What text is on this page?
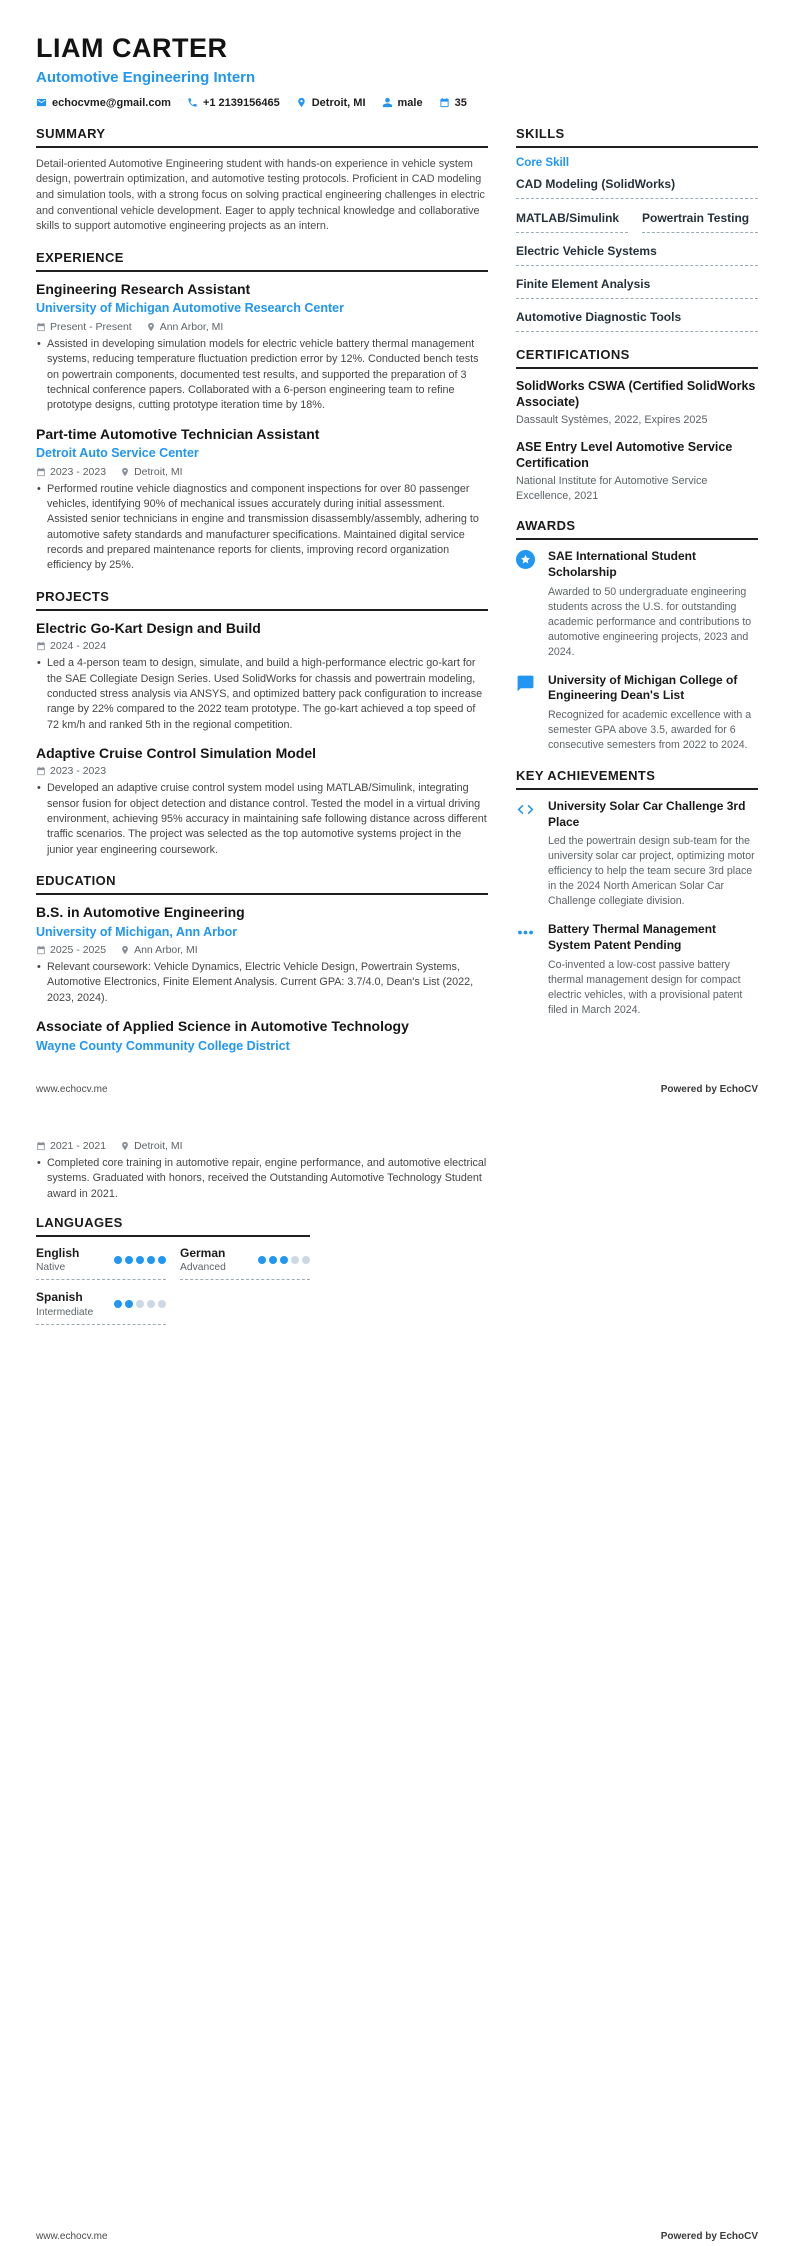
LIAM CARTER
Automotive Engineering Intern
echocvme@gmail.com	+1 2139156465	Detroit, MI	male	35
SUMMARY

Detail-oriented Automotive Engineering student with hands-on experience in vehicle system design, powertrain optimization, and automotive testing protocols. Proficient in CAD modeling and simulation tools, with a strong focus on solving practical engineering challenges in electric and conventional vehicle development. Eager to apply technical knowledge and collaborative skills to support automotive engineering projects as an intern.

EXPERIENCE
Engineering Research Assistant
University of Michigan Automotive Research Center
Present - Present	Ann Arbor, MI
• Assisted in developing simulation models for electric vehicle battery thermal management systems, reducing temperature fluctuation prediction error by 12%. Conducted bench tests on powertrain components, documented test results, and supported the preparation of 3 technical conference papers. Collaborated with a 6-person engineering team to refine prototype designs, cutting prototype iteration time by 18%.
Part-time Automotive Technician Assistant
Detroit Auto Service Center
2023 - 2023	Detroit, MI
• Performed routine vehicle diagnostics and component inspections for over 80 passenger vehicles, identifying 90% of mechanical issues accurately during initial assessment. Assisted senior technicians in engine and transmission disassembly/assembly, adhering to automotive safety standards and manufacturer specifications. Maintained digital service records and prepared maintenance reports for clients, improving record organization efficiency by 25%.
PROJECTS
Electric Go-Kart Design and Build
2024 - 2024
• Led a 4-person team to design, simulate, and build a high-performance electric go-kart for the SAE Collegiate Design Series. Used SolidWorks for chassis and powertrain modeling, conducted stress analysis via ANSYS, and optimized battery pack configuration to increase range by 22% compared to the 2022 team prototype. The go-kart achieved a top speed of 72 km/h and ranked 5th in the regional competition.
Adaptive Cruise Control Simulation Model
2023 - 2023
• Developed an adaptive cruise control system model using MATLAB/Simulink, integrating sensor fusion for object detection and distance control. Tested the model in a virtual driving environment, achieving 95% accuracy in maintaining safe following distance across different traffic scenarios. The project was selected as the top automotive systems project in the junior year engineering coursework.
EDUCATION
B.S. in Automotive Engineering
University of Michigan, Ann Arbor
2025 - 2025	Ann Arbor, MI
• Relevant coursework: Vehicle Dynamics, Electric Vehicle Design, Powertrain Systems, Automotive Electronics, Finite Element Analysis. Current GPA: 3.7/4.0, Dean's List (2022, 2023, 2024).
Associate of Applied Science in Automotive Technology
Wayne County Community College District
SKILLS
Core Skill
CAD Modeling (SolidWorks)
MATLAB/Simulink	Powertrain Testing
Electric Vehicle Systems
Finite Element Analysis
Automotive Diagnostic Tools
CERTIFICATIONS
SolidWorks CSWA (Certified SolidWorks Associate)
Dassault Systèmes, 2022, Expires 2025
ASE Entry Level Automotive Service Certification
National Institute for Automotive Service Excellence, 2021
AWARDS
SAE International Student Scholarship
Awarded to 50 undergraduate engineering students across the U.S. for outstanding academic performance and contributions to automotive engineering projects, 2023 and 2024.
University of Michigan College of Engineering Dean's List
Recognized for academic excellence with a semester GPA above 3.5, awarded for 6 consecutive semesters from 2022 to 2024.
KEY ACHIEVEMENTS
University Solar Car Challenge 3rd Place
Led the powertrain design sub-team for the university solar car project, optimizing motor efficiency to help the team secure 3rd place in the 2024 North American Solar Car Challenge collegiate division.
Battery Thermal Management System Patent Pending
Co-invented a low-cost passive battery thermal management design for compact electric vehicles, with a provisional patent filed in March 2024.
www.echocv.me	Powered by EchoCV
2021 - 2021	Detroit, MI
• Completed core training in automotive repair, engine performance, and automotive electrical systems. Graduated with honors, received the Outstanding Automotive Technology Student award in 2021.
LANGUAGES
English
Native
German
Advanced
Spanish
Intermediate
www.echocv.me	Powered by EchoCV
